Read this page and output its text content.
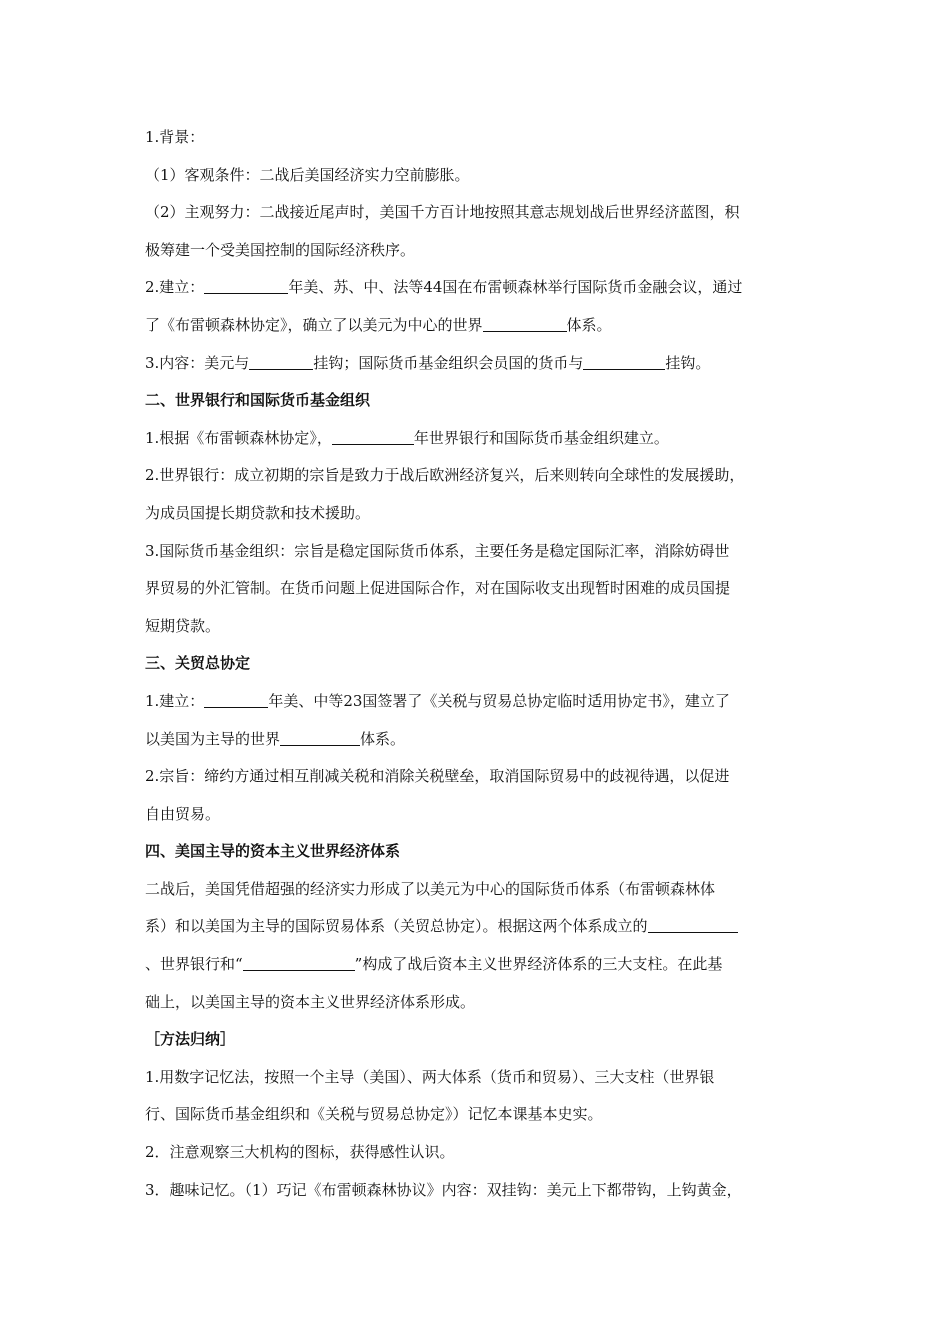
1.背景：
（1）客观条件：二战后美国经济实力空前膨胀。
（2）主观努力：二战接近尾声时，美国千方百计地按照其意志规划战后世界经济蓝图，积
极筹建一个受美国控制的国际经济秩序。
2.建立：	年美、苏、中、法等44国在布雷顿森林举行国际货币金融会议，通过
了《布雷顿森林协定》，确立了以美元为中心的世界	体系。
3.内容：美元与	挂钩；国际货币基金组织会员国的货币与	挂钩。
二、世界银行和国际货币基金组织
1.根据《布雷顿森林协定》，	年世界银行和国际货币基金组织建立。
2.世界银行：成立初期的宗旨是致力于战后欧洲经济复兴，后来则转向全球性的发展援助，
为成员国提长期贷款和技术援助。
3.国际货币基金组织：宗旨是稳定国际货币体系，主要任务是稳定国际汇率，消除妨碍世
界贸易的外汇管制。在货币问题上促进国际合作，对在国际收支出现暂时困难的成员国提
短期贷款。
三、关贸总协定
1.建立：	年美、中等23国签署了《关税与贸易总协定临时适用协定书》，建立了
以美国为主导的世界	体系。
2.宗旨：缔约方通过相互削减关税和消除关税壁垒，取消国际贸易中的歧视待遇，以促进
自由贸易。
四、美国主导的资本主义世界经济体系
二战后，美国凭借超强的经济实力形成了以美元为中心的国际货币体系（布雷顿森林体
系）和以美国为主导的国际贸易体系（关贸总协定）。根据这两个体系成立的
、世界银行和“	”构成了战后资本主义世界经济体系的三大支柱。在此基
础上，以美国主导的资本主义世界经济体系形成。
［方法归纳］
1.用数字记忆法，按照一个主导（美国）、两大体系（货币和贸易）、三大支柱（世界银
行、国际货币基金组织和《关税与贸易总协定》）记忆本课基本史实。
2．注意观察三大机构的图标，获得感性认识。
3．趣味记忆。（1）巧记《布雷顿森林协议》内容：双挂钩：美元上下都带钩，上钩黄金，
